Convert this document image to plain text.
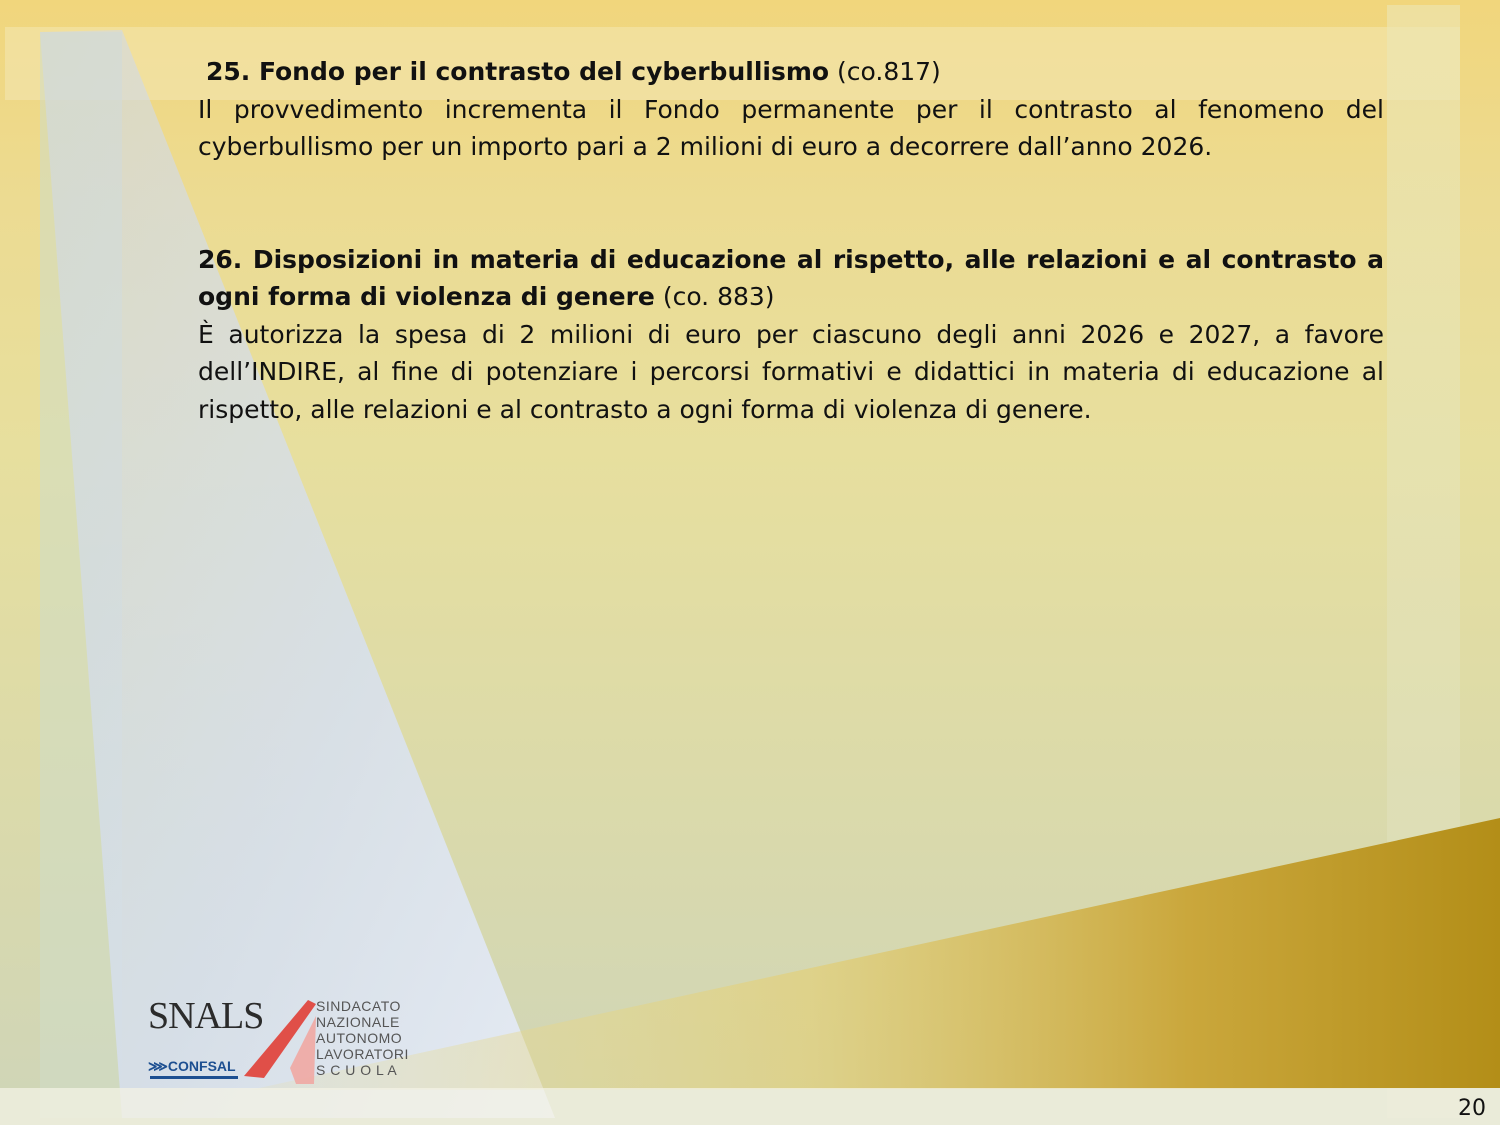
25. Fondo per il contrasto del cyberbullismo (co.817)

Il provvedimento incrementa il Fondo permanente per il contrasto al fenomeno del cyberbullismo per un importo pari a 2 milioni di euro a decorrere dall’anno 2026.

26. Disposizioni in materia di educazione al rispetto, alle relazioni e al contrasto a ogni forma di violenza di genere (co. 883)

È autorizza la spesa di 2 milioni di euro per ciascuno degli anni 2026 e 2027, a favore dell’INDIRE, al fine di potenziare i percorsi formativi e didattici in materia di educazione al rispetto, alle relazioni e al contrasto a ogni forma di violenza di genere.

SNALS
⋙CONFSAL
SINDACATO
NAZIONALE
AUTONOMO
LAVORATORI
S C U O L A
20
